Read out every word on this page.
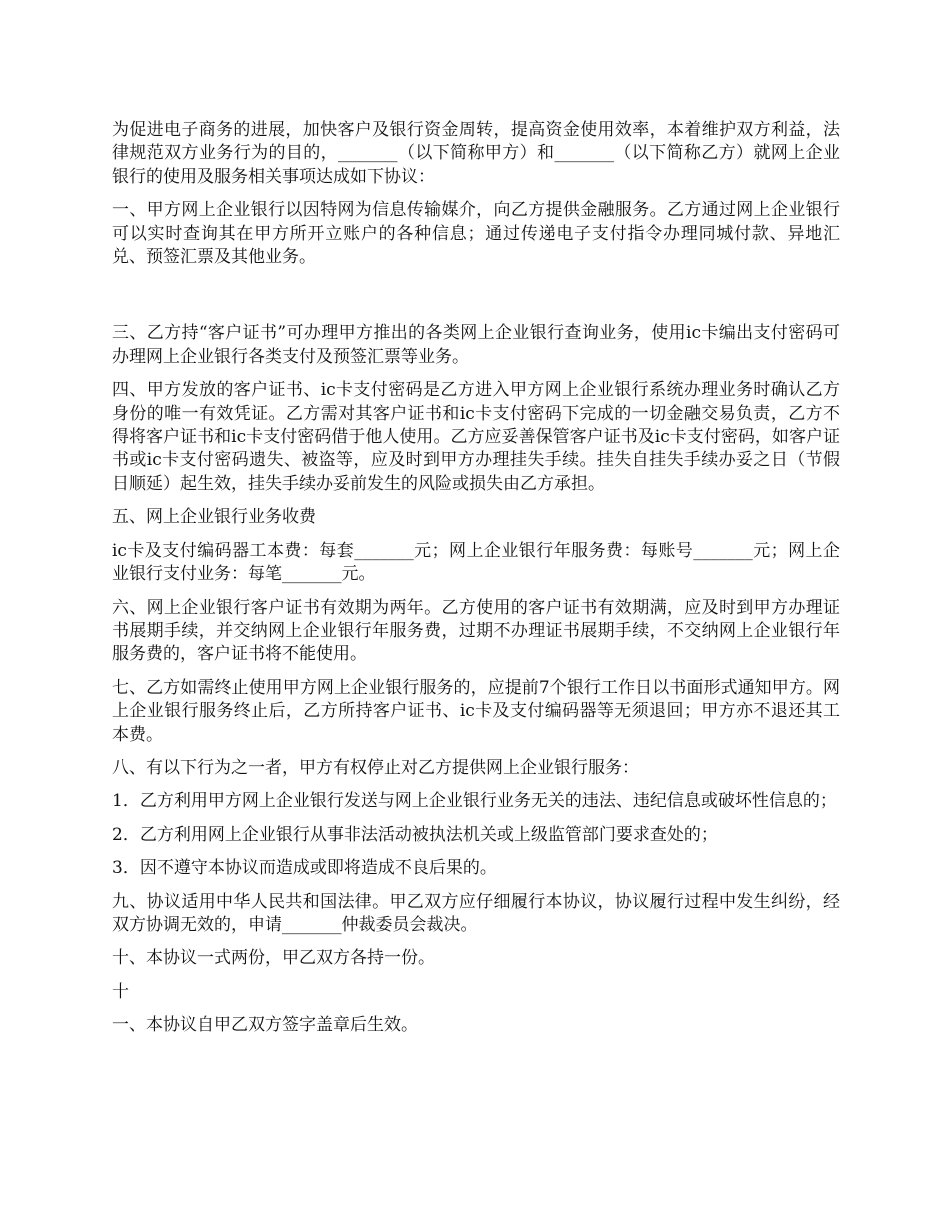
为促进电子商务的进展，加快客户及银行资金周转，提高资金使用效率，本着维护双方利益，法律规范双方业务行为的目的，_______（以下简称甲方）和_______（以下简称乙方）就网上企业银行的使用及服务相关事项达成如下协议：

一、甲方网上企业银行以因特网为信息传输媒介，向乙方提供金融服务。乙方通过网上企业银行可以实时查询其在甲方所开立账户的各种信息；通过传递电子支付指令办理同城付款、异地汇兑、预签汇票及其他业务。

三、乙方持“客户证书”可办理甲方推出的各类网上企业银行查询业务，使用ic卡编出支付密码可办理网上企业银行各类支付及预签汇票等业务。

四、甲方发放的客户证书、ic卡支付密码是乙方进入甲方网上企业银行系统办理业务时确认乙方身份的唯一有效凭证。乙方需对其客户证书和ic卡支付密码下完成的一切金融交易负责，乙方不得将客户证书和ic卡支付密码借于他人使用。乙方应妥善保管客户证书及ic卡支付密码，如客户证书或ic卡支付密码遗失、被盗等，应及时到甲方办理挂失手续。挂失自挂失手续办妥之日（节假日顺延）起生效，挂失手续办妥前发生的风险或损失由乙方承担。

五、网上企业银行业务收费

ic卡及支付编码器工本费：每套_______元；网上企业银行年服务费：每账号_______元；网上企业银行支付业务：每笔_______元。

六、网上企业银行客户证书有效期为两年。乙方使用的客户证书有效期满，应及时到甲方办理证书展期手续，并交纳网上企业银行年服务费，过期不办理证书展期手续，不交纳网上企业银行年服务费的，客户证书将不能使用。

七、乙方如需终止使用甲方网上企业银行服务的，应提前7个银行工作日以书面形式通知甲方。网上企业银行服务终止后，乙方所持客户证书、ic卡及支付编码器等无须退回；甲方亦不退还其工本费。

八、有以下行为之一者，甲方有权停止对乙方提供网上企业银行服务：

1．乙方利用甲方网上企业银行发送与网上企业银行业务无关的违法、违纪信息或破坏性信息的；

2．乙方利用网上企业银行从事非法活动被执法机关或上级监管部门要求查处的；

3．因不遵守本协议而造成或即将造成不良后果的。

九、协议适用中华人民共和国法律。甲乙双方应仔细履行本协议，协议履行过程中发生纠纷，经双方协调无效的，申请_______仲裁委员会裁决。

十、本协议一式两份，甲乙双方各持一份。

十

一、本协议自甲乙双方签字盖章后生效。
